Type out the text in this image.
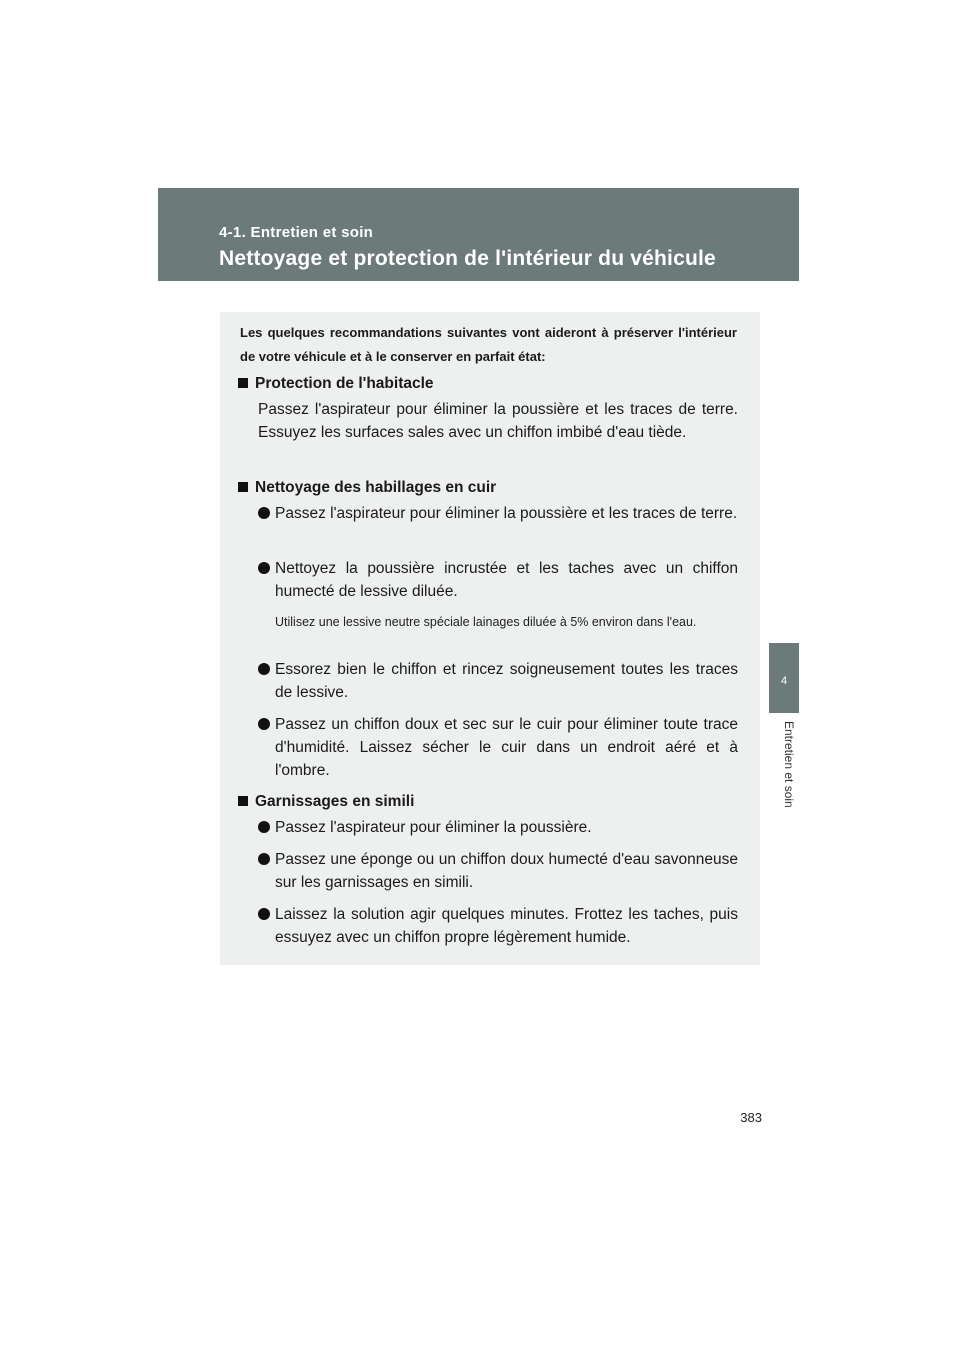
4-1. Entretien et soin
Nettoyage et protection de l'intérieur du véhicule
4
Entretien et soin
Les quelques recommandations suivantes vont aideront à préserver l'intérieur de votre véhicule et à le conserver en parfait état:
Protection de l'habitacle
Passez l'aspirateur pour éliminer la poussière et les traces de terre. Essuyez les surfaces sales avec un chiffon imbibé d'eau tiède.
Nettoyage des habillages en cuir
Passez l'aspirateur pour éliminer la poussière et les traces de terre.
Nettoyez la poussière incrustée et les taches avec un chiffon humecté de lessive diluée.
Utilisez une lessive neutre spéciale lainages diluée à 5% environ dans l'eau.
Essorez bien le chiffon et rincez soigneusement toutes les traces de lessive.
Passez un chiffon doux et sec sur le cuir pour éliminer toute trace d'humidité. Laissez sécher le cuir dans un endroit aéré et à l'ombre.
Garnissages en simili
Passez l'aspirateur pour éliminer la poussière.
Passez une éponge ou un chiffon doux humecté d'eau savonneuse sur les garnissages en simili.
Laissez la solution agir quelques minutes. Frottez les taches, puis essuyez avec un chiffon propre légèrement humide.
383
